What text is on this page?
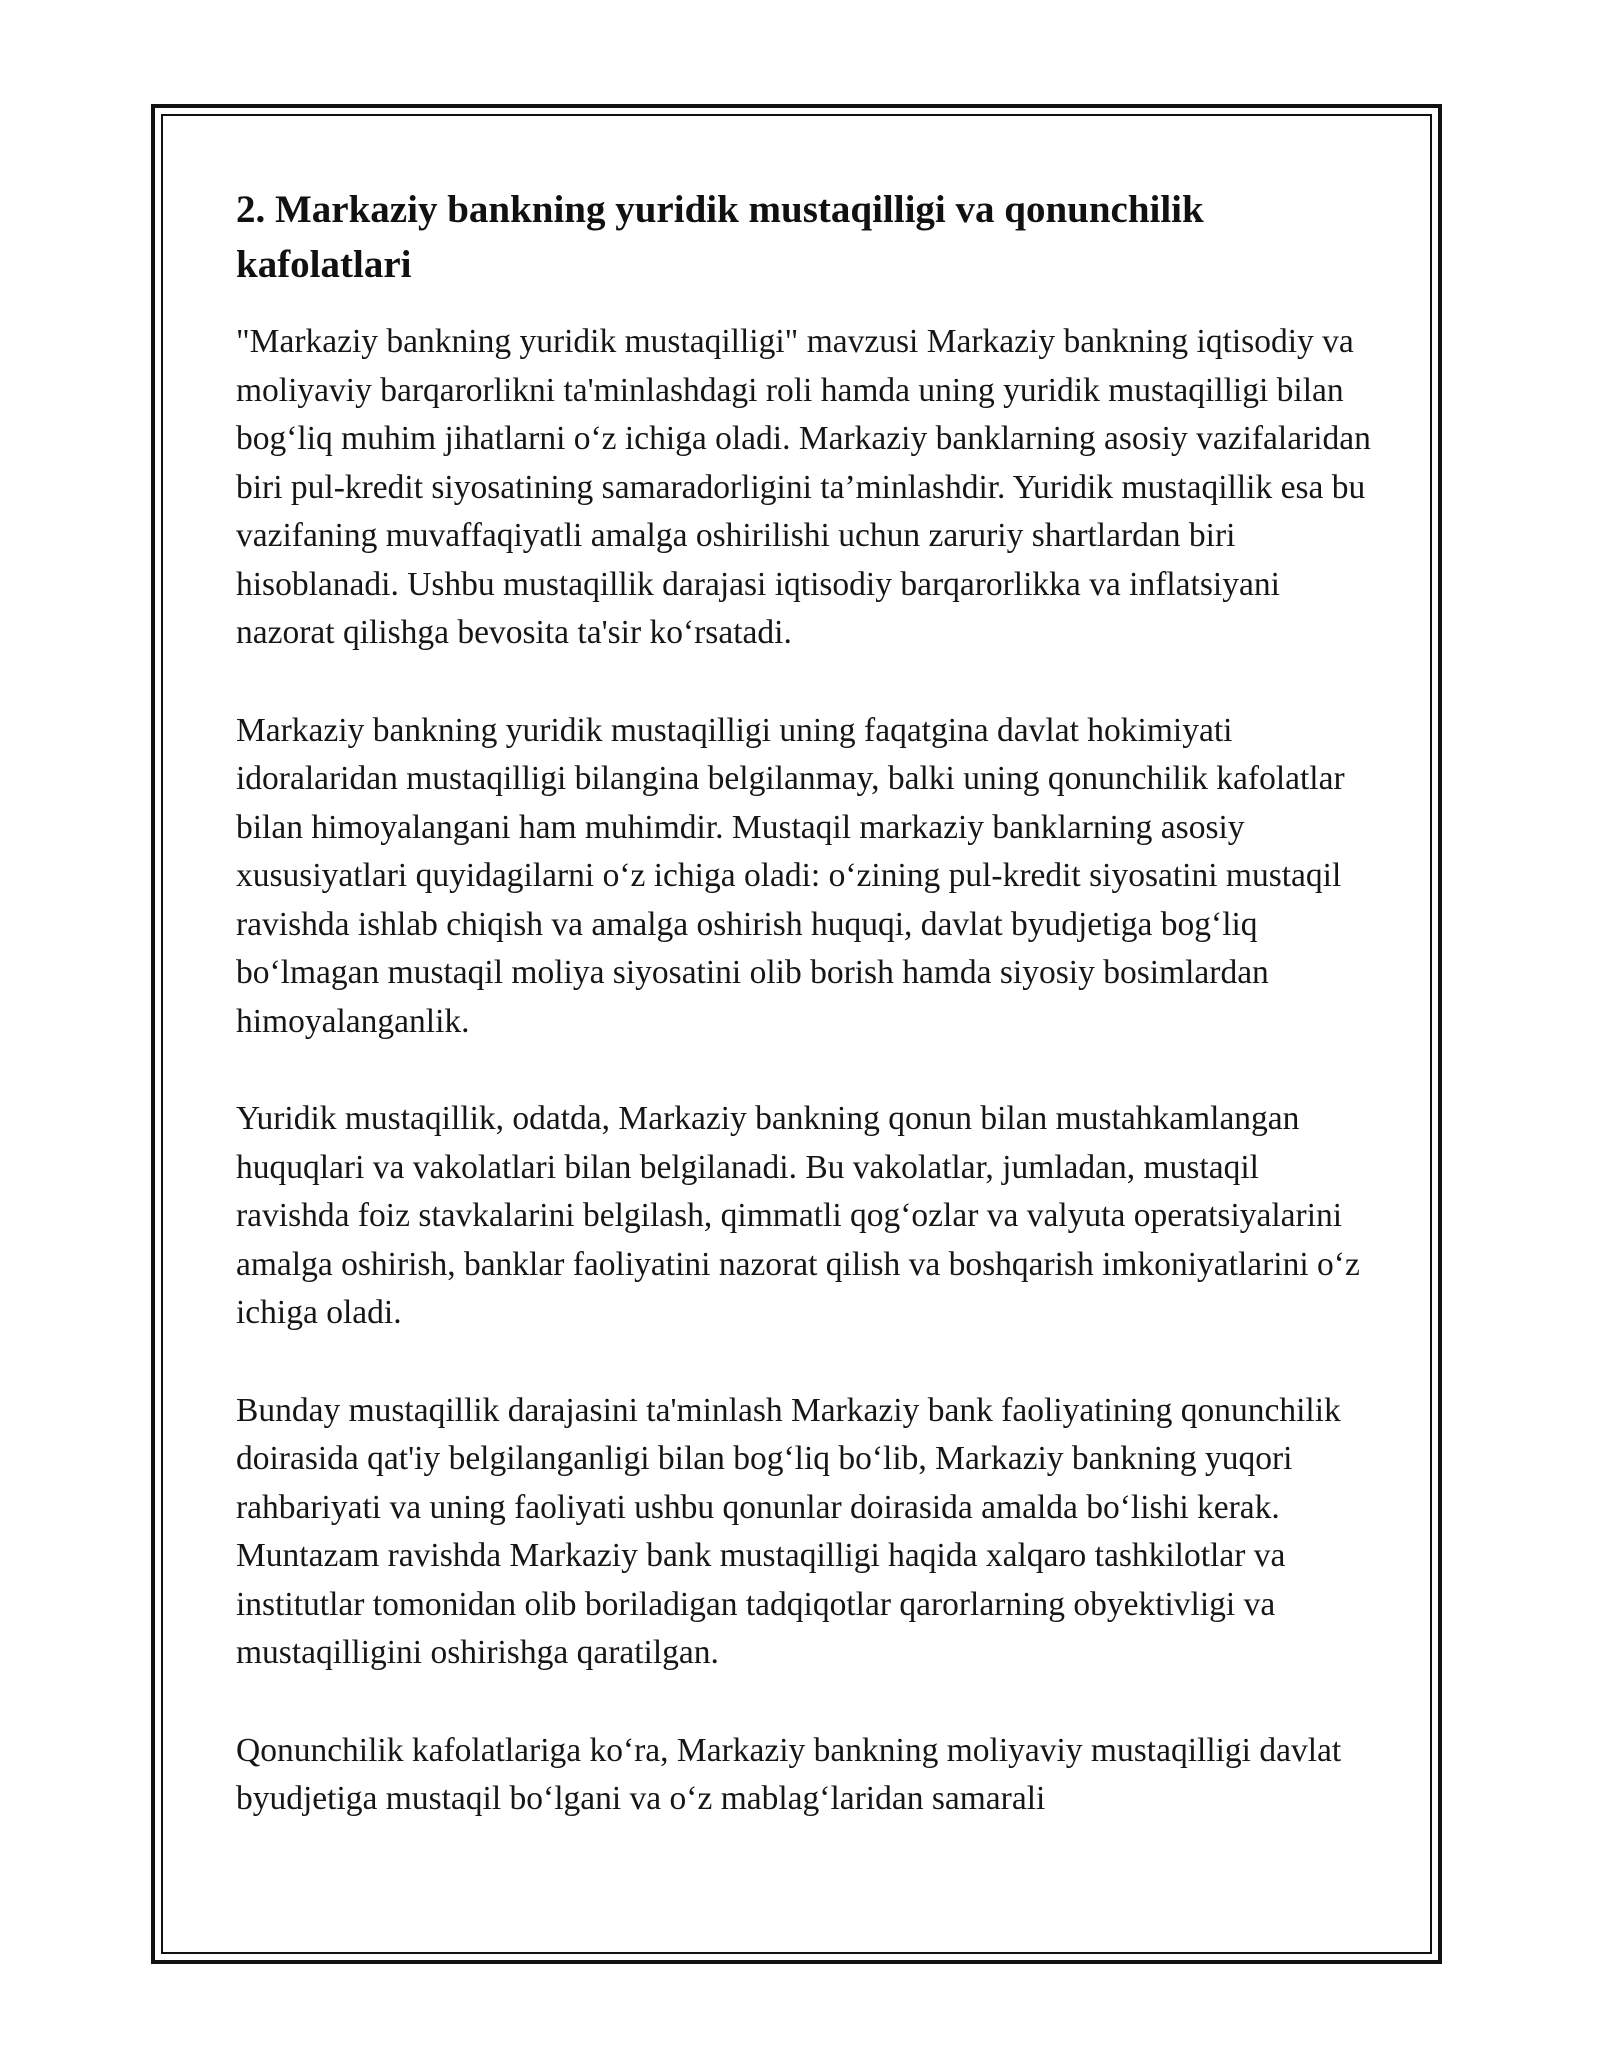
2. Markaziy bankning yuridik mustaqilligi va qonunchilik kafolatlari

"Markaziy bankning yuridik mustaqilligi" mavzusi Markaziy bankning iqtisodiy va moliyaviy barqarorlikni ta'minlashdagi roli hamda uning yuridik mustaqilligi bilan bog‘liq muhim jihatlarni o‘z ichiga oladi. Markaziy banklarning asosiy vazifalaridan biri pul-kredit siyosatining samaradorligini ta’minlashdir. Yuridik mustaqillik esa bu vazifaning muvaffaqiyatli amalga oshirilishi uchun zaruriy shartlardan biri hisoblanadi. Ushbu mustaqillik darajasi iqtisodiy barqarorlikka va inflatsiyani nazorat qilishga bevosita ta'sir ko‘rsatadi.

Markaziy bankning yuridik mustaqilligi uning faqatgina davlat hokimiyati idoralaridan mustaqilligi bilangina belgilanmay, balki uning qonunchilik kafolatlar bilan himoyalangani ham muhimdir. Mustaqil markaziy banklarning asosiy xususiyatlari quyidagilarni o‘z ichiga oladi: o‘zining pul-kredit siyosatini mustaqil ravishda ishlab chiqish va amalga oshirish huquqi, davlat byudjetiga bog‘liq bo‘lmagan mustaqil moliya siyosatini olib borish hamda siyosiy bosimlardan himoyalanganlik.

Yuridik mustaqillik, odatda, Markaziy bankning qonun bilan mustahkamlangan huquqlari va vakolatlari bilan belgilanadi. Bu vakolatlar, jumladan, mustaqil ravishda foiz stavkalarini belgilash, qimmatli qog‘ozlar va valyuta operatsiyalarini amalga oshirish, banklar faoliyatini nazorat qilish va boshqarish imkoniyatlarini o‘z ichiga oladi.

Bunday mustaqillik darajasini ta'minlash Markaziy bank faoliyatining qonunchilik doirasida qat'iy belgilanganligi bilan bog‘liq bo‘lib, Markaziy bankning yuqori rahbariyati va uning faoliyati ushbu qonunlar doirasida amalda bo‘lishi kerak. Muntazam ravishda Markaziy bank mustaqilligi haqida xalqaro tashkilotlar va institutlar tomonidan olib boriladigan tadqiqotlar qarorlarning obyektivligi va mustaqilligini oshirishga qaratilgan.

Qonunchilik kafolatlariga ko‘ra, Markaziy bankning moliyaviy mustaqilligi davlat byudjetiga mustaqil bo‘lgani va o‘z mablag‘laridan samarali
